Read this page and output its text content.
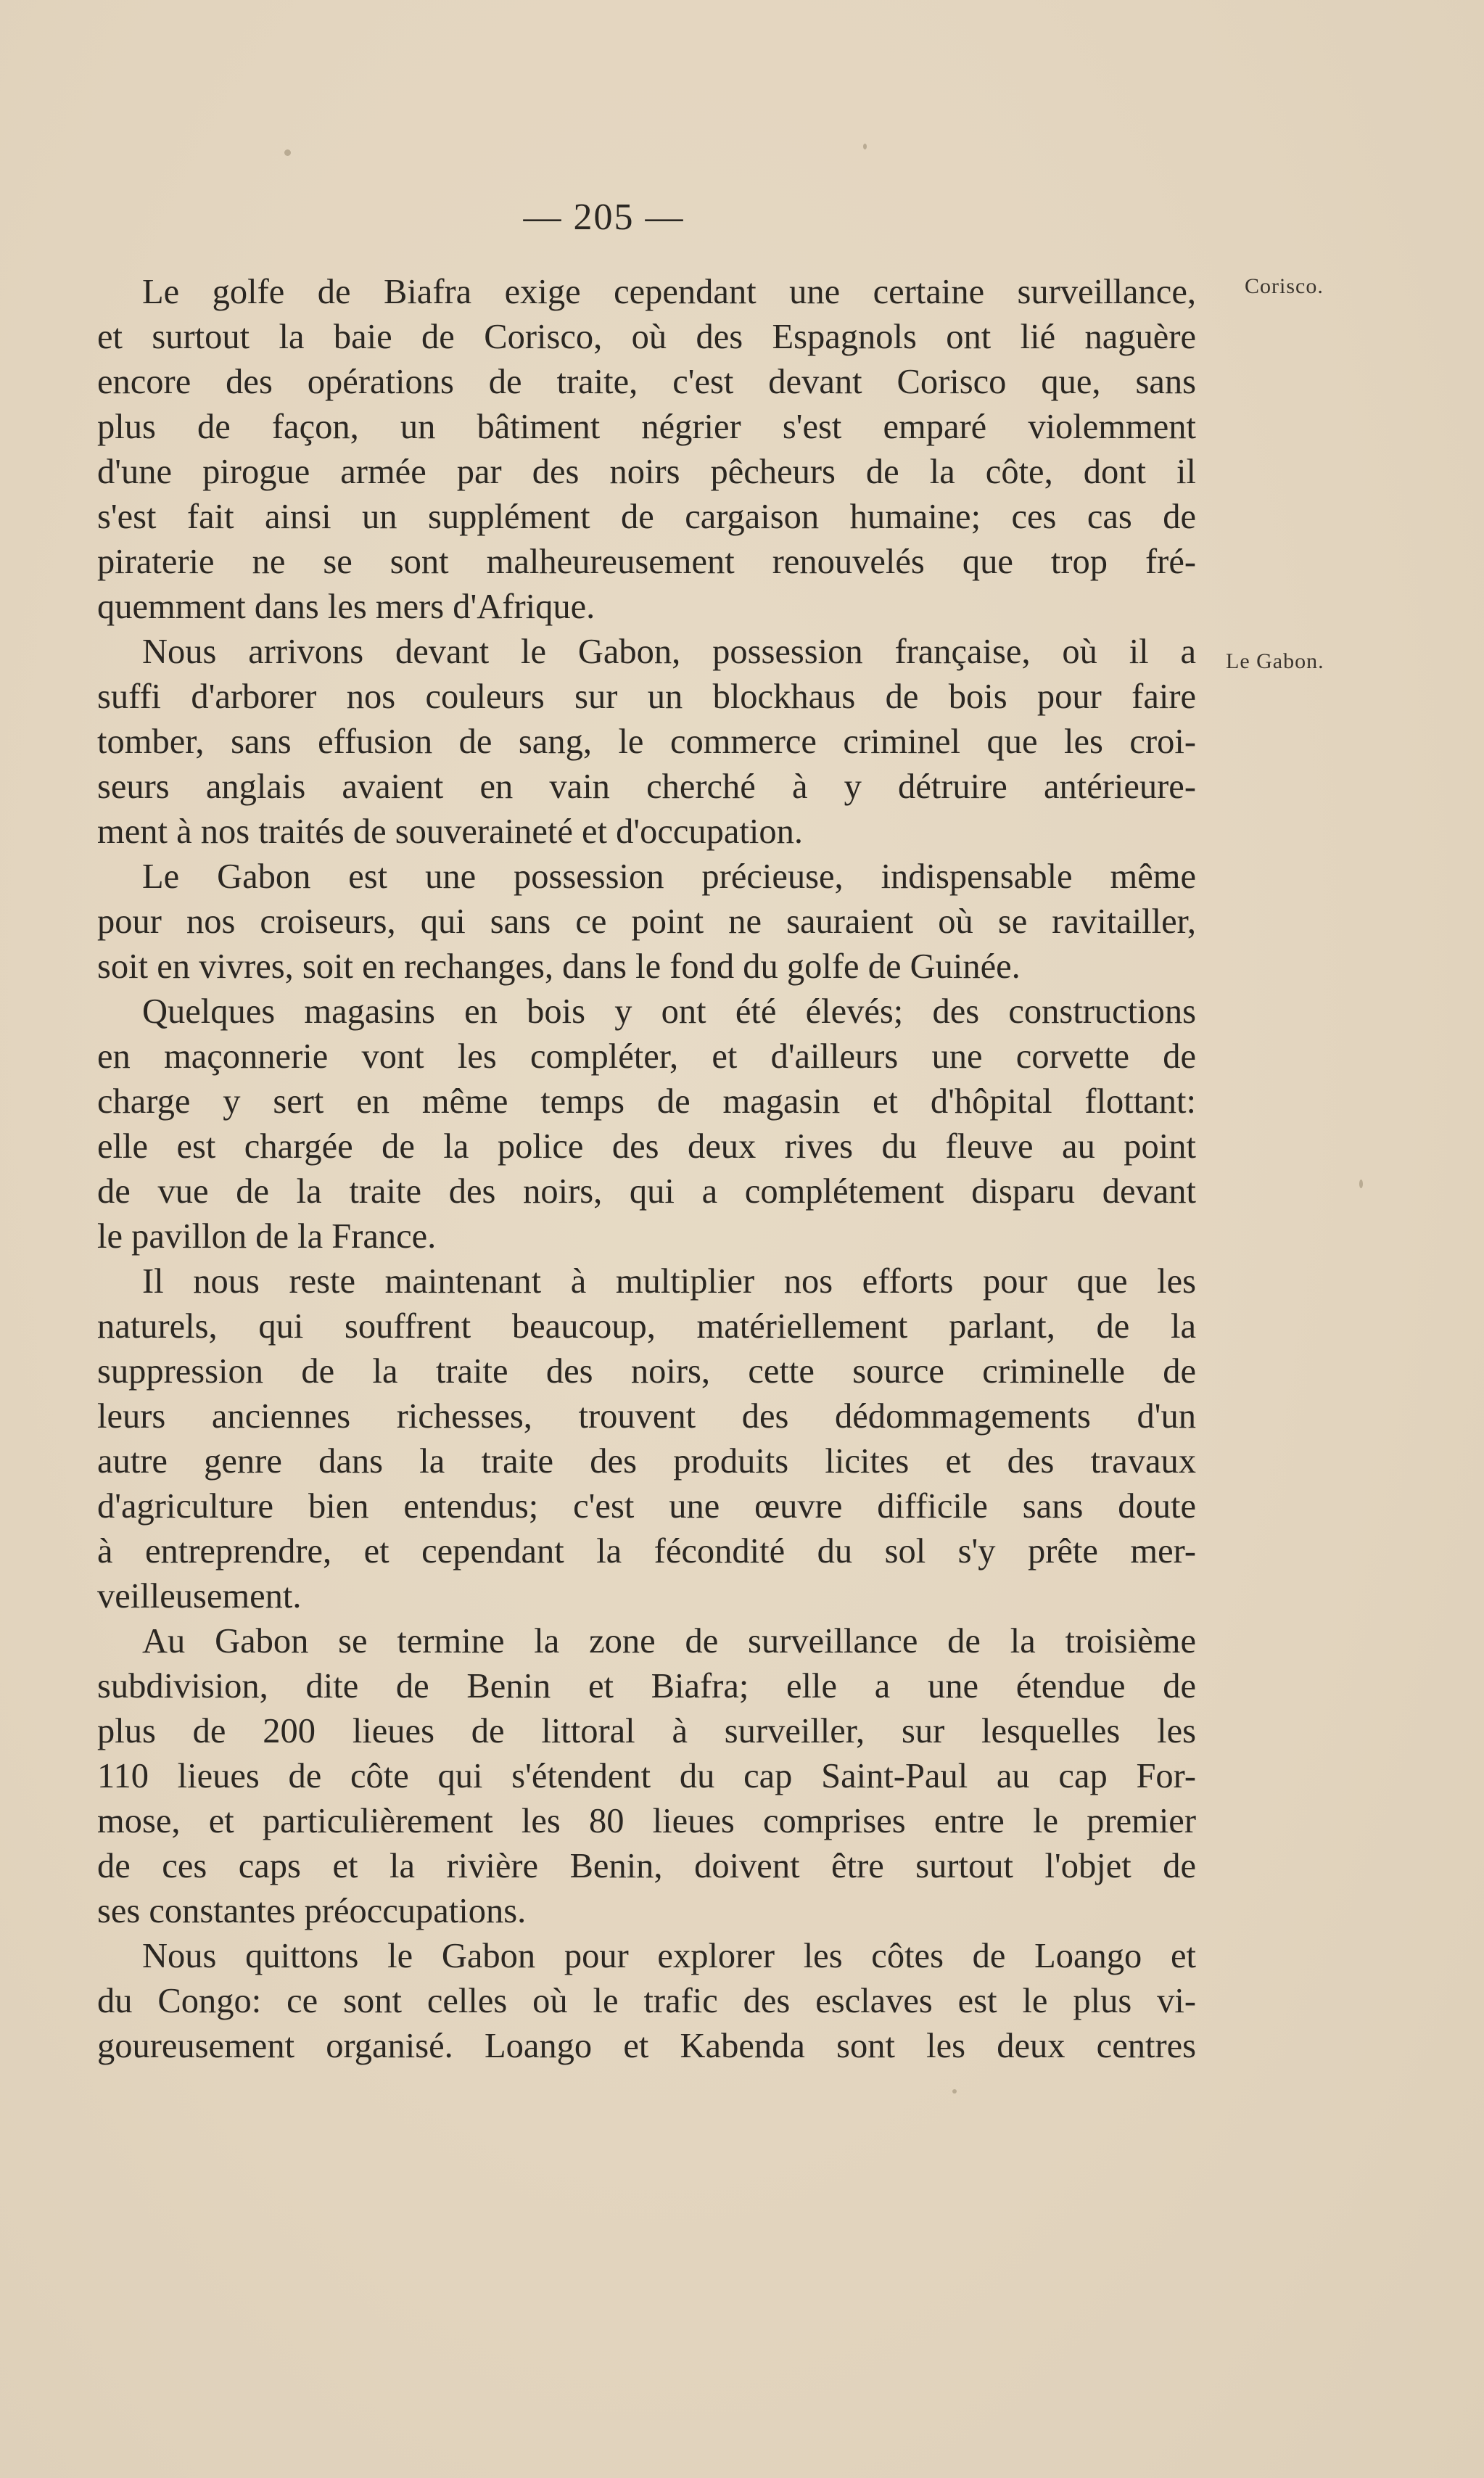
— 205 —
Corisco.
Le Gabon.
Le golfe de Biafra exige cependant une certaine surveillance,
et surtout la baie de Corisco, où des Espagnols ont lié naguère
encore des opérations de traite, c'est devant Corisco que, sans
plus de façon, un bâtiment négrier s'est emparé violemment
d'une pirogue armée par des noirs pêcheurs de la côte, dont il
s'est fait ainsi un supplément de cargaison humaine; ces cas de
piraterie ne se sont malheureusement renouvelés que trop fré-
quemment dans les mers d'Afrique.
Nous arrivons devant le Gabon, possession française, où il a
suffi d'arborer nos couleurs sur un blockhaus de bois pour faire
tomber, sans effusion de sang, le commerce criminel que les croi-
seurs anglais avaient en vain cherché à y détruire antérieure-
ment à nos traités de souveraineté et d'occupation.
Le Gabon est une possession précieuse, indispensable même
pour nos croiseurs, qui sans ce point ne sauraient où se ravitailler,
soit en vivres, soit en rechanges, dans le fond du golfe de Guinée.
Quelques magasins en bois y ont été élevés; des constructions
en maçonnerie vont les compléter, et d'ailleurs une corvette de
charge y sert en même temps de magasin et d'hôpital flottant:
elle est chargée de la police des deux rives du fleuve au point
de vue de la traite des noirs, qui a complétement disparu devant
le pavillon de la France.
Il nous reste maintenant à multiplier nos efforts pour que les
naturels, qui souffrent beaucoup, matériellement parlant, de la
suppression de la traite des noirs, cette source criminelle de
leurs anciennes richesses, trouvent des dédommagements d'un
autre genre dans la traite des produits licites et des travaux
d'agriculture bien entendus; c'est une œuvre difficile sans doute
à entreprendre, et cependant la fécondité du sol s'y prête mer-
veilleusement.
Au Gabon se termine la zone de surveillance de la troisième
subdivision, dite de Benin et Biafra; elle a une étendue de
plus de 200 lieues de littoral à surveiller, sur lesquelles les
110 lieues de côte qui s'étendent du cap Saint-Paul au cap For-
mose, et particulièrement les 80 lieues comprises entre le premier
de ces caps et la rivière Benin, doivent être surtout l'objet de
ses constantes préoccupations.
Nous quittons le Gabon pour explorer les côtes de Loango et
du Congo: ce sont celles où le trafic des esclaves est le plus vi-
goureusement organisé. Loango et Kabenda sont les deux centres
